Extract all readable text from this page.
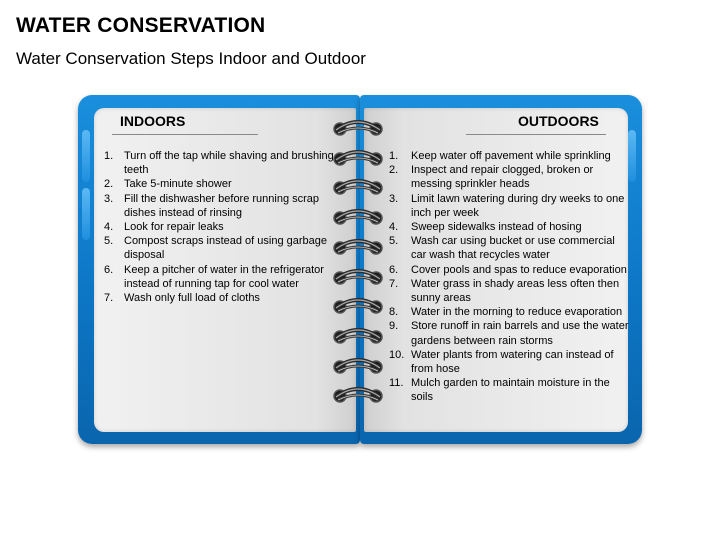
WATER CONSERVATION
Water Conservation Steps Indoor and Outdoor
INDOORS	OUTDOORS
1. Turn off the tap while shaving and brushing teeth
2. Take 5-minute shower
3. Fill the dishwasher before running scrap dishes instead of rinsing
4. Look for repair leaks
5. Compost scraps instead of using garbage disposal
6. Keep a pitcher of water in the refrigerator instead of running tap for cool water
7. Wash only full load of cloths
1.	Keep water off pavement while sprinkling
2.	Inspect and repair clogged, broken or messing sprinkler heads
3.	Limit lawn watering during dry weeks to one inch per week
4.	Sweep sidewalks instead of hosing
5.	Wash car using bucket or use commercial car wash that recycles water
6.	Cover pools and spas to reduce evaporation
7.	Water grass in shady areas less often then sunny areas
8.	Water in the morning to reduce evaporation
9.	Store runoff in rain barrels and use the water gardens between rain storms
10. Water plants from watering can instead of from hose
11. Mulch garden to maintain moisture in the soils
